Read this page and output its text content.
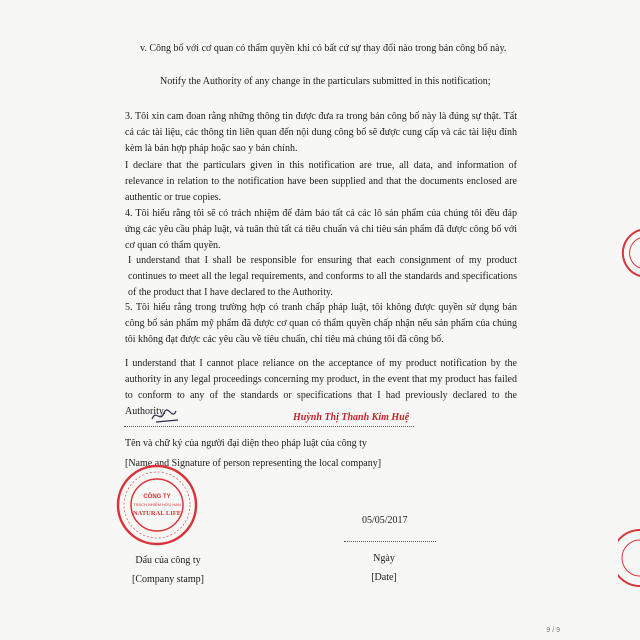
v. Công bố với cơ quan có thẩm quyền khi có bất cứ sự thay đổi nào trong bản công bố này.

Notify the Authority of any change in the particulars submitted in this notification;

3. Tôi xin cam đoan rằng những thông tin được đưa ra trong bản công bố này là đúng sự thật. Tất cả các tài liệu, các thông tin liên quan đến nội dung công bố sẽ được cung cấp và các tài liệu đính kèm là bản hợp pháp hoặc sao y bản chính.

I declare that the particulars given in this notification are true, all data, and information of relevance in relation to the notification have been supplied and that the documents enclosed are authentic or true copies.

4. Tôi hiểu rằng tôi sẽ có trách nhiệm để đảm bảo tất cả các lô sản phẩm của chúng tôi đều đáp ứng các yêu cầu pháp luật, và tuân thủ tất cả tiêu chuẩn và chỉ tiêu sản phẩm đã được công bố với cơ quan có thẩm quyền.

I understand that I shall be responsible for ensuring that each consignment of my product continues to meet all the legal requirements, and conforms to all the standards and specifications of the product that I have declared to the Authority.

5. Tôi hiểu rằng trong trường hợp có tranh chấp pháp luật, tôi không được quyền sử dụng bản công bố sản phẩm mỹ phẩm đã được cơ quan có thẩm quyền chấp nhận nếu sản phẩm của chúng tôi không đạt được các yêu cầu về tiêu chuẩn, chỉ tiêu mà chúng tôi đã công bố.

I understand that I cannot place reliance on the acceptance of my product notification by the authority in any legal proceedings concerning my product, in the event that my product has failed to conform to any of the standards or specifications that I had previously declared to the Authority.

Huỳnh Thị Thanh Kim Huệ

Tên và chữ ký của người đại diện theo pháp luật của công ty

[Name and Signature of person representing the local company]

CÔNG TY
TRÁCH NHIỆM HỮU HẠN
NATURAL LIFE
05/05/2017

Dấu của công ty

[Company stamp]

Ngày

[Date]

9 / 9
